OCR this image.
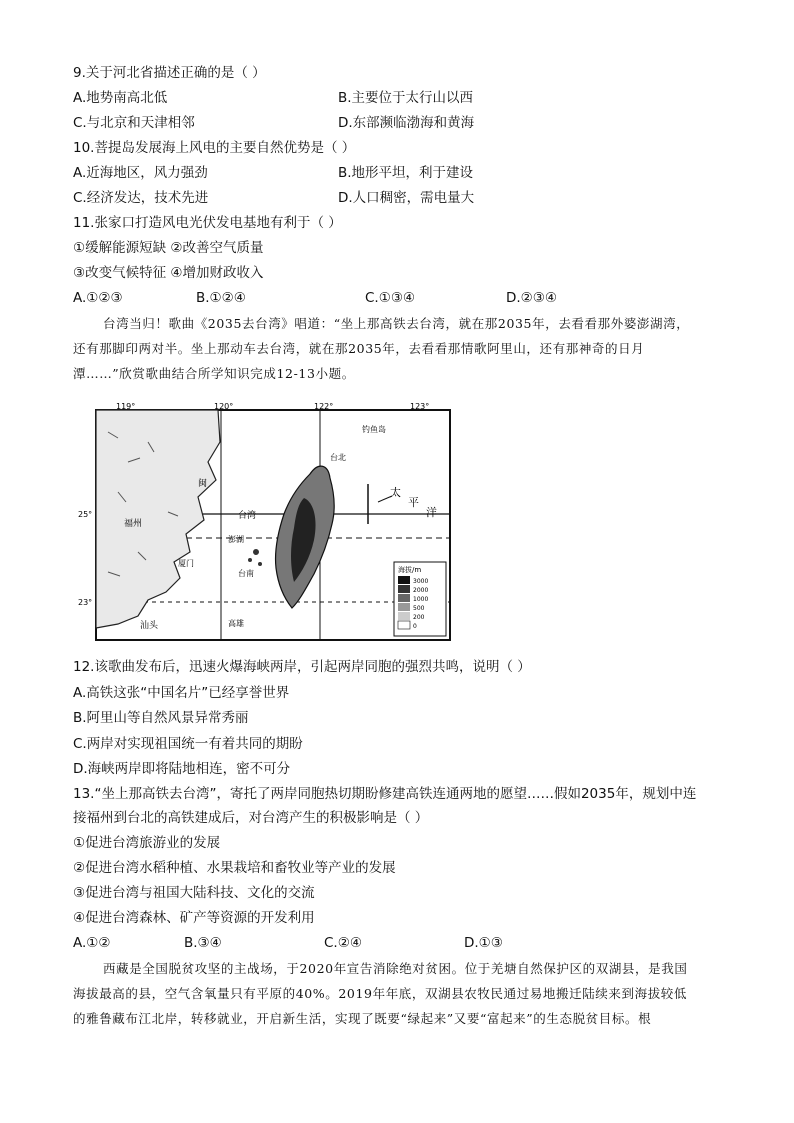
9.关于河北省描述正确的是（ ）
A.地势南高北低	B.主要位于太行山以西
C.与北京和天津相邻	D.东部濒临渤海和黄海
10.菩提岛发展海上风电的主要自然优势是（ ）
A.近海地区，风力强劲	B.地形平坦，利于建设
C.经济发达，技术先进	D.人口稠密，需电量大
11.张家口打造风电光伏发电基地有利于（ ）
①缓解能源短缺 ②改善空气质量
③改变气候特征 ④增加财政收入
A.①②③	B.①②④	C.①③④	D.②③④
台湾当归！歌曲《2035去台湾》唱道：“坐上那高铁去台湾，就在那2035年，去看看那外婆澎湖湾，
还有那脚印两对半。坐上那动车去台湾，就在那2035年，去看看那情歌阿里山，还有那神奇的日月
潭……”欣赏歌曲结合所学知识完成12-13小题。
119°	120°	122°	123°
25°
23°
福州
闽
台北
台湾
太
平
洋
钓鱼岛
台南
高雄
澎湖
汕头
厦门
海拔/m
3000
2000
1000
500
200
0
12.该歌曲发布后，迅速火爆海峡两岸，引起两岸同胞的强烈共鸣，说明（ ）
A.高铁这张“中国名片”已经享誉世界
B.阿里山等自然风景异常秀丽
C.两岸对实现祖国统一有着共同的期盼
D.海峡两岸即将陆地相连，密不可分
13.“坐上那高铁去台湾”，寄托了两岸同胞热切期盼修建高铁连通两地的愿望……假如2035年，规划中连
接福州到台北的高铁建成后，对台湾产生的积极影响是（ ）
①促进台湾旅游业的发展
②促进台湾水稻种植、水果栽培和畜牧业等产业的发展
③促进台湾与祖国大陆科技、文化的交流
④促进台湾森林、矿产等资源的开发利用
A.①②	B.③④	C.②④	D.①③
西藏是全国脱贫攻坚的主战场，于2020年宣告消除绝对贫困。位于羌塘自然保护区的双湖县，是我国
海拔最高的县，空气含氧量只有平原的40%。2019年年底，双湖县农牧民通过易地搬迁陆续来到海拔较低
的雅鲁藏布江北岸，转移就业，开启新生活，实现了既要“绿起来”又要“富起来”的生态脱贫目标。根
